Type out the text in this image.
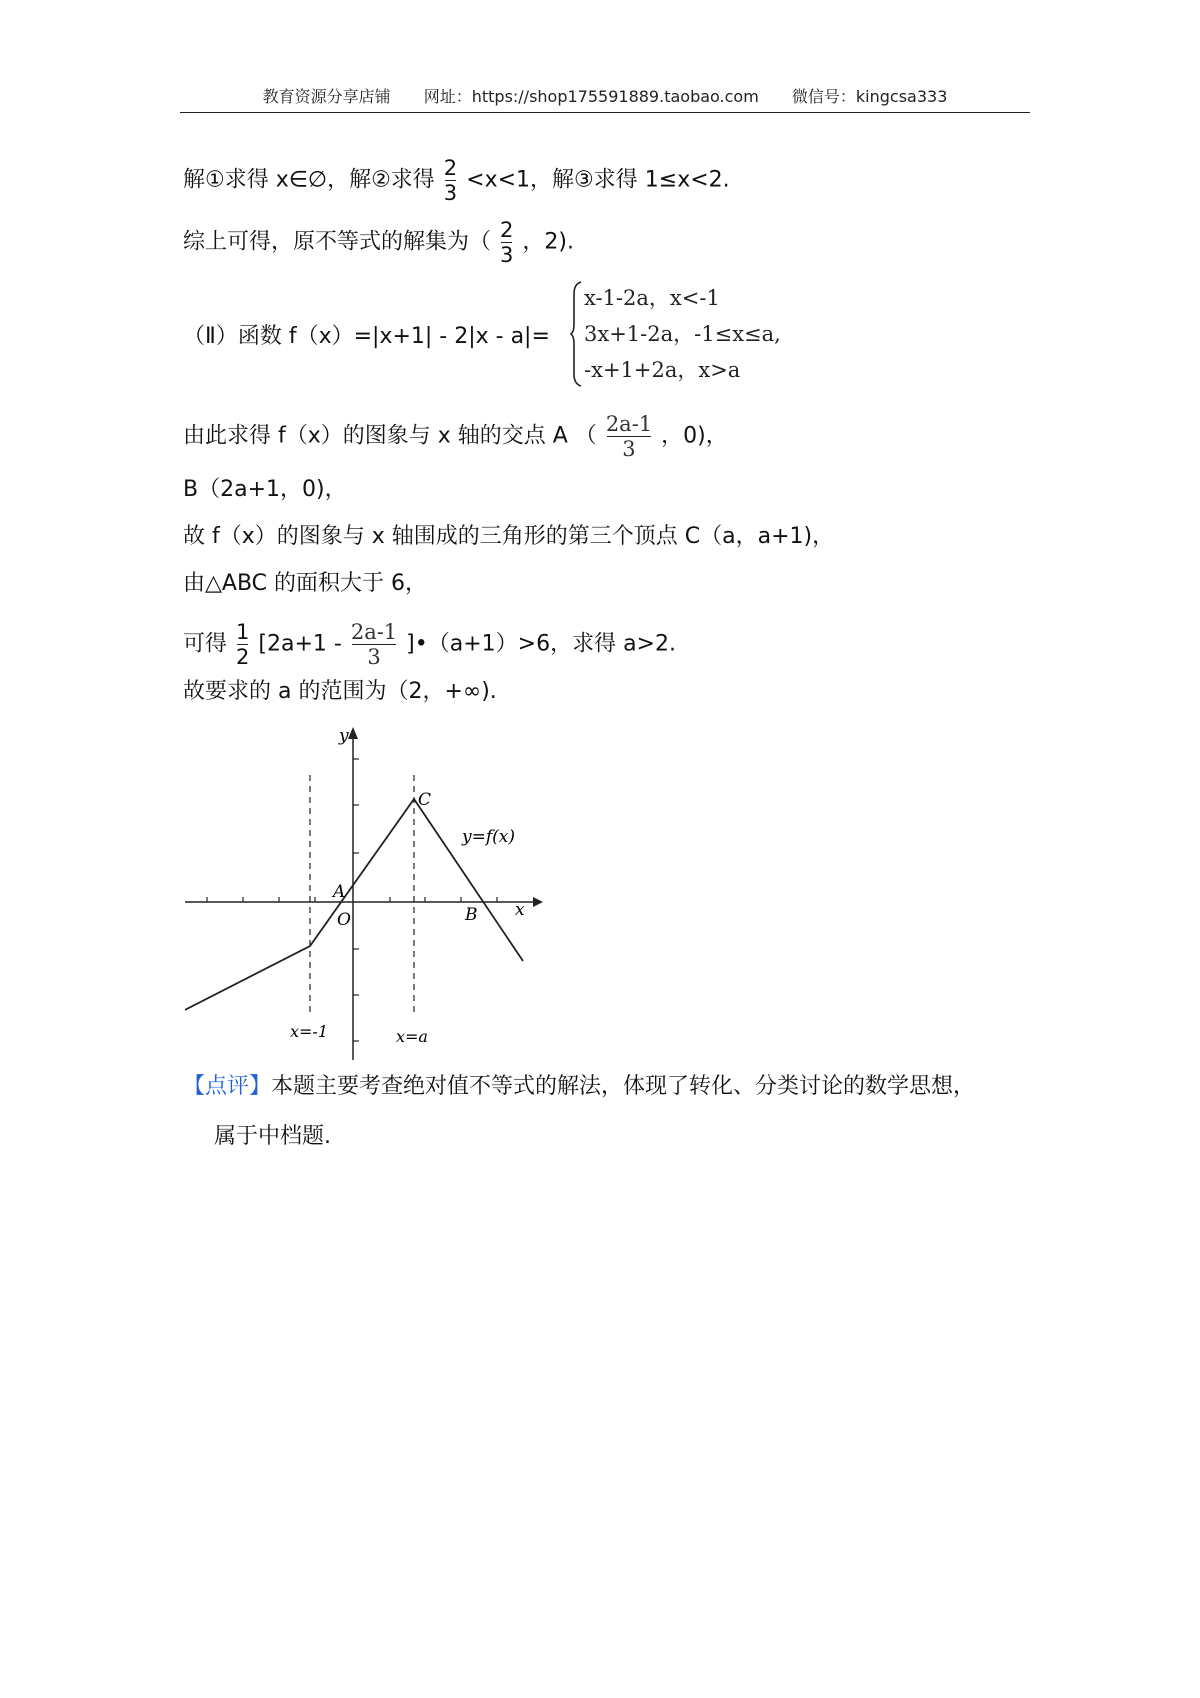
教育资源分享店铺 网址：https://shop175591889.taobao.com 微信号：kingcsa333
解①求得 x∈∅，解②求得 $\frac{2}{3} <x<1$，解③求得 1≤x<2.
综上可得，原不等式的解集为（ $\frac{2}{3}$ ，2).
（Ⅱ）函数 f（x）=|x+1| - 2|x - a|=
x-1-2a，x<-1
3x+1-2a，-1≤x≤a,
-x+1+2a，x>a
由此求得 f（x）的图象与 x 轴的交点 A （ $\frac{2a-1}{3}$ ，0)，
B（2a+1，0)，
故 f（x）的图象与 x 轴围成的三角形的第三个顶点 C（a，a+1)，
由△ABC 的面积大于 6，
可得 $\frac{1}{2} [2a+1 - \frac{2a-1}{3}$ ]•（a+1）>6，求得 a>2.
故要求的 a 的范围为（2，+∞).
y
x
C
A
O	B
y=f(x)
x=-1	x=a
【点评】本题主要考查绝对值不等式的解法，体现了转化、分类讨论的数学思想，
属于中档题.
